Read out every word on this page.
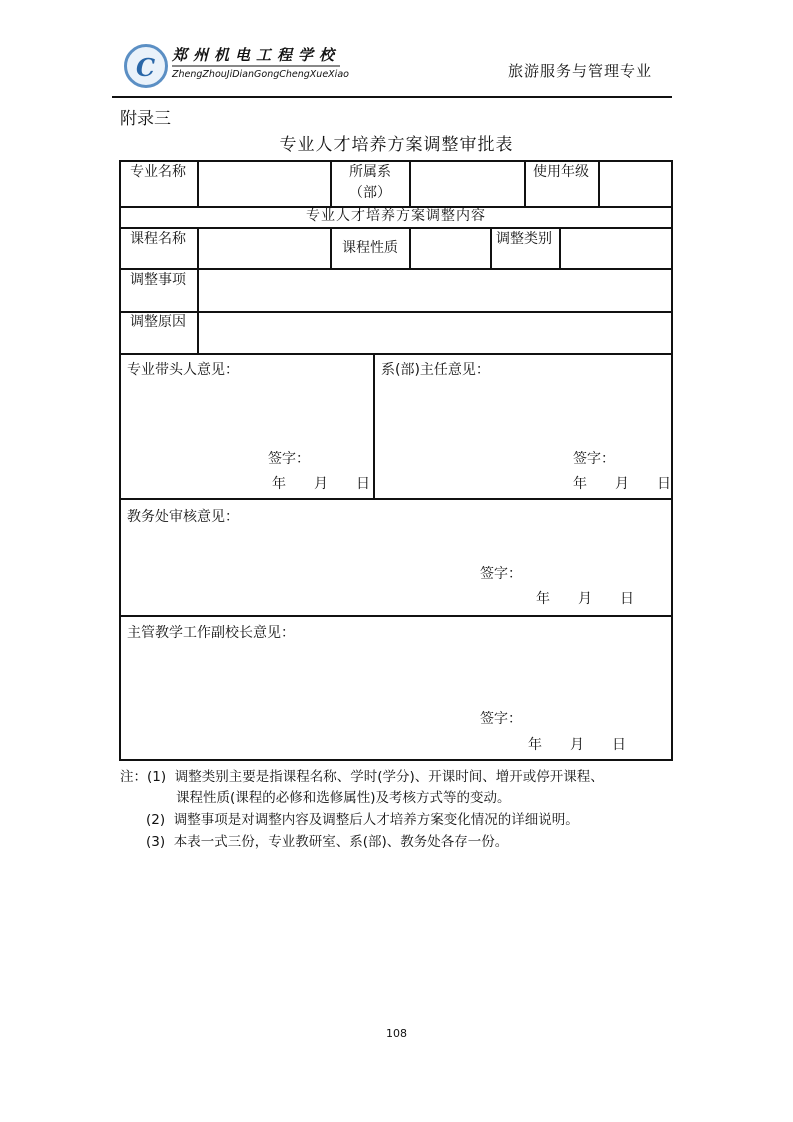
C 郑州机电工程学校
ZhengZhouJiDianGongChengXueXiao	旅游服务与管理专业
附录三
专业人才培养方案调整审批表
专业名称	所属系（部）
使用年级
专业人才培养方案调整内容
课程名称
课程性质
调整类别
调整事项
调整原因
专业带头人意见：
签字：
年　　月　　日
系(部)主任意见：
签字：
年　　月　　日
教务处审核意见：
签字：
年　　月　　日
主管教学工作副校长意见：
签字：
年　　月　　日
注：(1)  调整类别主要是指课程名称、学时(学分)、开课时间、增开或停开课程、
课程性质(课程的必修和选修属性)及考核方式等的变动。
(2)  调整事项是对调整内容及调整后人才培养方案变化情况的详细说明。
(3)  本表一式三份，专业教研室、系(部)、教务处各存一份。
108
